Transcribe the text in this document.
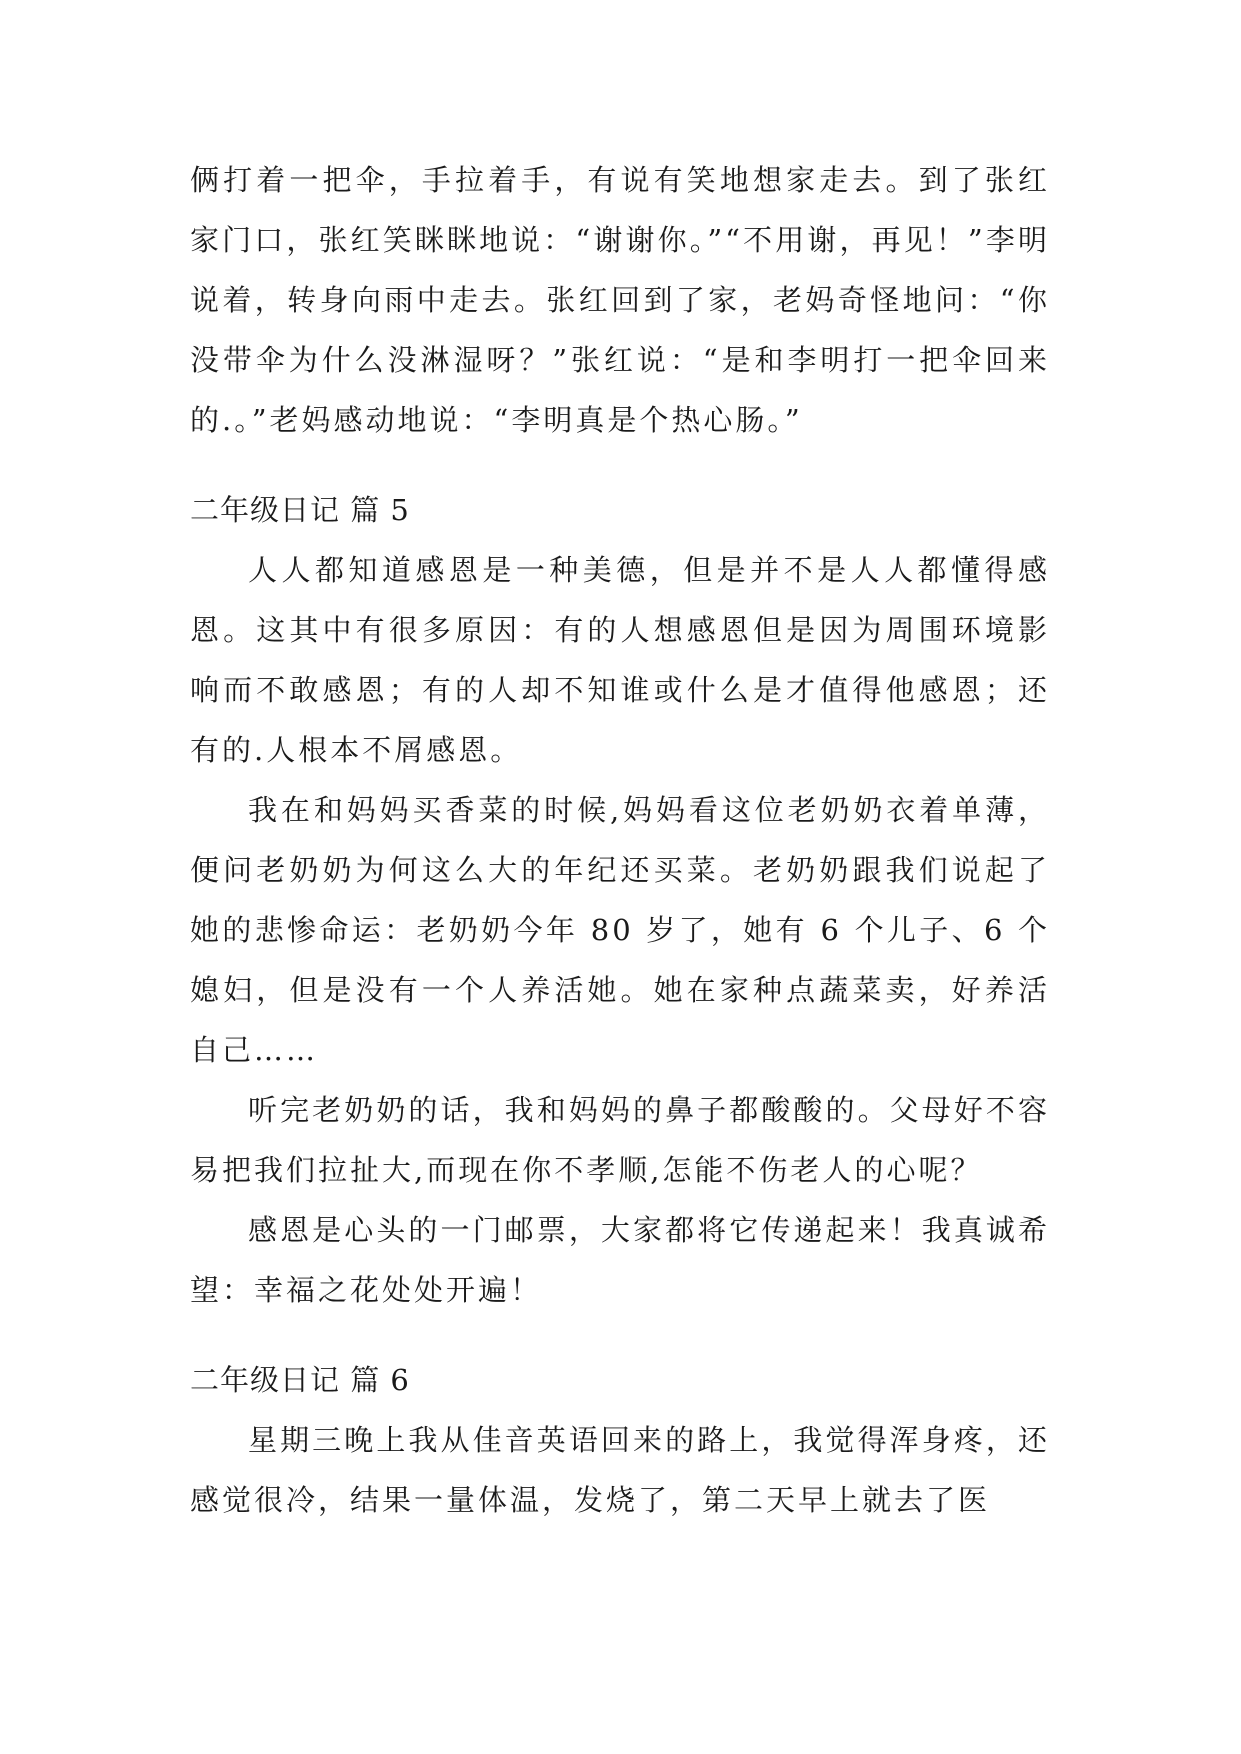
俩打着一把伞，手拉着手，有说有笑地想家走去。到了张红家门口，张红笑眯眯地说：“谢谢你。”“不用谢，再见！”李明说着，转身向雨中走去。张红回到了家，老妈奇怪地问：“你没带伞为什么没淋湿呀？”张红说：“是和李明打一把伞回来的.。”老妈感动地说：“李明真是个热心肠。”

二年级日记 篇 5

人人都知道感恩是一种美德，但是并不是人人都懂得感恩。这其中有很多原因：有的人想感恩但是因为周围环境影响而不敢感恩；有的人却不知谁或什么是才值得他感恩；还有的.人根本不屑感恩。

我在和妈妈买香菜的时候,妈妈看这位老奶奶衣着单薄，便问老奶奶为何这么大的年纪还买菜。老奶奶跟我们说起了她的悲惨命运：老奶奶今年 80 岁了，她有 6 个儿子、6 个媳妇，但是没有一个人养活她。她在家种点蔬菜卖，好养活自己……

听完老奶奶的话，我和妈妈的鼻子都酸酸的。父母好不容易把我们拉扯大,而现在你不孝顺,怎能不伤老人的心呢？

感恩是心头的一门邮票，大家都将它传递起来！我真诚希望：幸福之花处处开遍！

二年级日记 篇 6

星期三晚上我从佳音英语回来的路上，我觉得浑身疼，还感觉很冷，结果一量体温，发烧了，第二天早上就去了医
